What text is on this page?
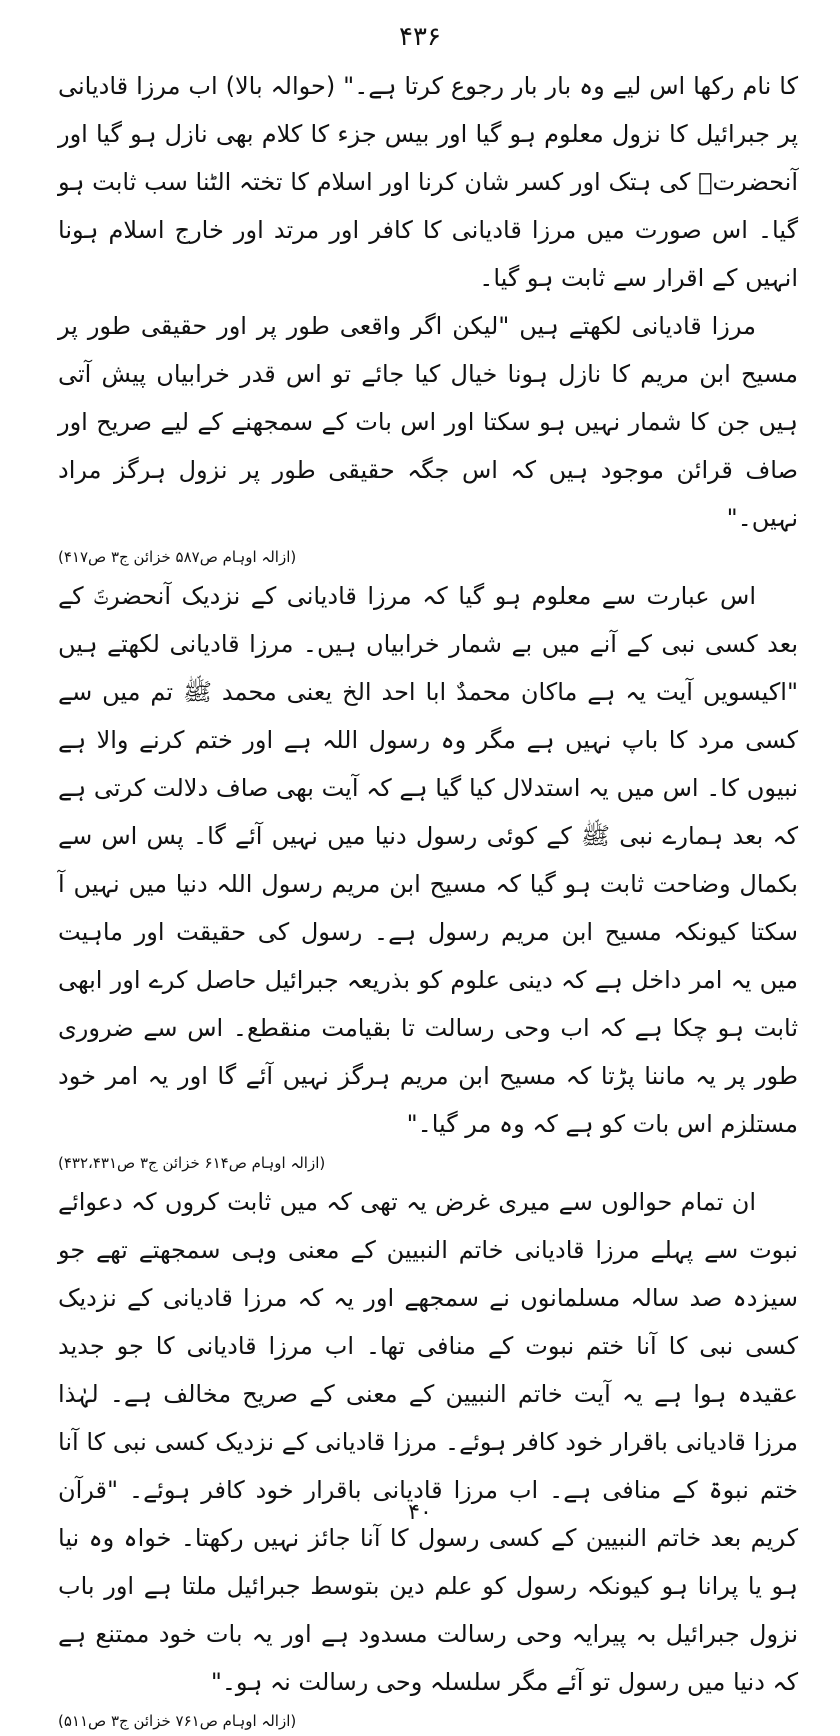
۴۳۶

کا نام رکھا اس لیے وہ بار بار رجوع کرتا ہے۔" (حوالہ بالا) اب مرزا قادیانی پر جبرائیل کا نزول معلوم ہو گیا اور بیس جزء کا کلام بھی نازل ہو گیا اور آنحضرتؐ کی ہتک اور کسر شان کرنا اور اسلام کا تختہ الٹنا سب ثابت ہو گیا۔ اس صورت میں مرزا قادیانی کا کافر اور مرتد اور خارج اسلام ہونا انہیں کے اقرار سے ثابت ہو گیا۔

مرزا قادیانی لکھتے ہیں "لیکن اگر واقعی طور پر اور حقیقی طور پر مسیح ابن مریم کا نازل ہونا خیال کیا جائے تو اس قدر خرابیاں پیش آتی ہیں جن کا شمار نہیں ہو سکتا اور اس بات کے سمجھنے کے لیے صریح اور صاف قرائن موجود ہیں کہ اس جگہ حقیقی طور پر نزول ہرگز مراد نہیں۔"

(ازالہ اوہام ص۵۸۷ خزائن ج۳ ص۴۱۷)

اس عبارت سے معلوم ہو گیا کہ مرزا قادیانی کے نزدیک آنحضرتؐ کے بعد کسی نبی کے آنے میں بے شمار خرابیاں ہیں۔ مرزا قادیانی لکھتے ہیں "اکیسویں آیت یہ ہے ماکان محمدٌ ابا احد الخ یعنی محمد ﷺ تم میں سے کسی مرد کا باپ نہیں ہے مگر وہ رسول اللہ ہے اور ختم کرنے والا ہے نبیوں کا۔ اس میں یہ استدلال کیا گیا ہے کہ آیت بھی صاف دلالت کرتی ہے کہ بعد ہمارے نبی ﷺ کے کوئی رسول دنیا میں نہیں آئے گا۔ پس اس سے بکمال وضاحت ثابت ہو گیا کہ مسیح ابن مریم رسول اللہ دنیا میں نہیں آ سکتا کیونکہ مسیح ابن مریم رسول ہے۔ رسول کی حقیقت اور ماہیت میں یہ امر داخل ہے کہ دینی علوم کو بذریعہ جبرائیل حاصل کرے اور ابھی ثابت ہو چکا ہے کہ اب وحی رسالت تا بقیامت منقطع۔ اس سے ضروری طور پر یہ ماننا پڑتا کہ مسیح ابن مریم ہرگز نہیں آئے گا اور یہ امر خود مستلزم اس بات کو ہے کہ وہ مر گیا۔"

(ازالہ اوہام ص۶۱۴ خزائن ج۳ ص۴۳۲،۴۳۱)

ان تمام حوالوں سے میری غرض یہ تھی کہ میں ثابت کروں کہ دعوائے نبوت سے پہلے مرزا قادیانی خاتم النبیین کے معنی وہی سمجھتے تھے جو سیزدہ صد سالہ مسلمانوں نے سمجھے اور یہ کہ مرزا قادیانی کے نزدیک کسی نبی کا آنا ختم نبوت کے منافی تھا۔ اب مرزا قادیانی کا جو جدید عقیدہ ہوا ہے یہ آیت خاتم النبیین کے معنی کے صریح مخالف ہے۔ لہٰذا مرزا قادیانی باقرار خود کافر ہوئے۔ مرزا قادیانی کے نزدیک کسی نبی کا آنا ختم نبوۃ کے منافی ہے۔ اب مرزا قادیانی باقرار خود کافر ہوئے۔ "قرآن کریم بعد خاتم النبیین کے کسی رسول کا آنا جائز نہیں رکھتا۔ خواہ وہ نیا ہو یا پرانا ہو کیونکہ رسول کو علم دین بتوسط جبرائیل ملتا ہے اور باب نزول جبرائیل بہ پیرایہ وحی رسالت مسدود ہے اور یہ بات خود ممتنع ہے کہ دنیا میں رسول تو آئے مگر سلسلہ وحی رسالت نہ ہو۔"

(ازالہ اوہام ص۷۶۱ خزائن ج۳ ص۵۱۱)

۴۰
